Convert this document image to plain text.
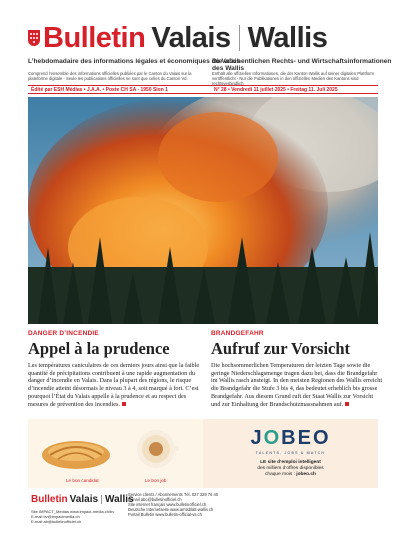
Bulletin Valais Wallis
L’hebdomadaire des informations légales et économiques du Valais
Die wöchentlichen Rechts- und Wirtschaftsinformationen des Wallis
Comprend l’ensemble des informations officielles publiées par le Canton du Valais sur la plateforme digitale - Seule les publications officielles ne sont que celles du Canton Vd.
Enthält alle offiziellen Informationen, die der Kanton Wallis auf seiner digitalen Plattform veröffentlicht - Nur die Publikationen in den offiziellen Medien des Kantons sind rechtsverbindlich.
Édité par ESH Médias • J.A.A. • Poste CH SA - 1950 Sion 1	N° 28 • Vendredi 11 juillet 2025 • Freitag 11. Juli 2025
DANGER D’INCENDIE
Appel à la prudence
Les températures caniculaires de ces derniers jours ainsi que la faible quantité de précipitations contribuent à une rapide augmentation du danger d’incendie en Valais. Dans la plupart des régions, le risque d’incendie atteint désormais le niveau 3 à 4, soit marqué à fort. C’est pourquoi l’État du Valais appelle à la prudence et au respect des mesures de prévention des incendies.
BRANDGEFAHR
Aufruf zur Vorsicht
Die hochsommerlichen Temperaturen der letzten Tage sowie die geringe Niederschlagsmenge tragen dazu bei, dass die Brandgefahr im Wallis rasch ansteigt. In den meisten Regionen des Wallis erreicht die Brandgefahr die Stufe 3 bis 4, das bedeutet erheblich bis grosse Brandgefahr. Aus diesem Grund ruft der Staat Wallis zur Vorsicht und zur Einhaltung der Brandschutzmassnahmen auf.
Le bon candidat	Le bon job
JOBEO
TALENTS, JOBS & MATCH
LE site d’emploi intelligent
des milliers d’offres disponibles
chaque mois : jobeo.ch
Bulletin Valais Wallis
Site IMPACT_Médias www.impact-media.ch/bv
E-mail bv@impactmedia.ch
E-mail ab@bulletinofficiel.ch
Service clients / Abonnements Tél. 027 329 76 40
E-mail abo@bulletinofficiel.ch
Site internet français www.bulletinofficiel.ch
Deutsche Internetseite www.amtsblatt-wallis.ch
Portail Bulletin www.bulletin-official-vs.ch
